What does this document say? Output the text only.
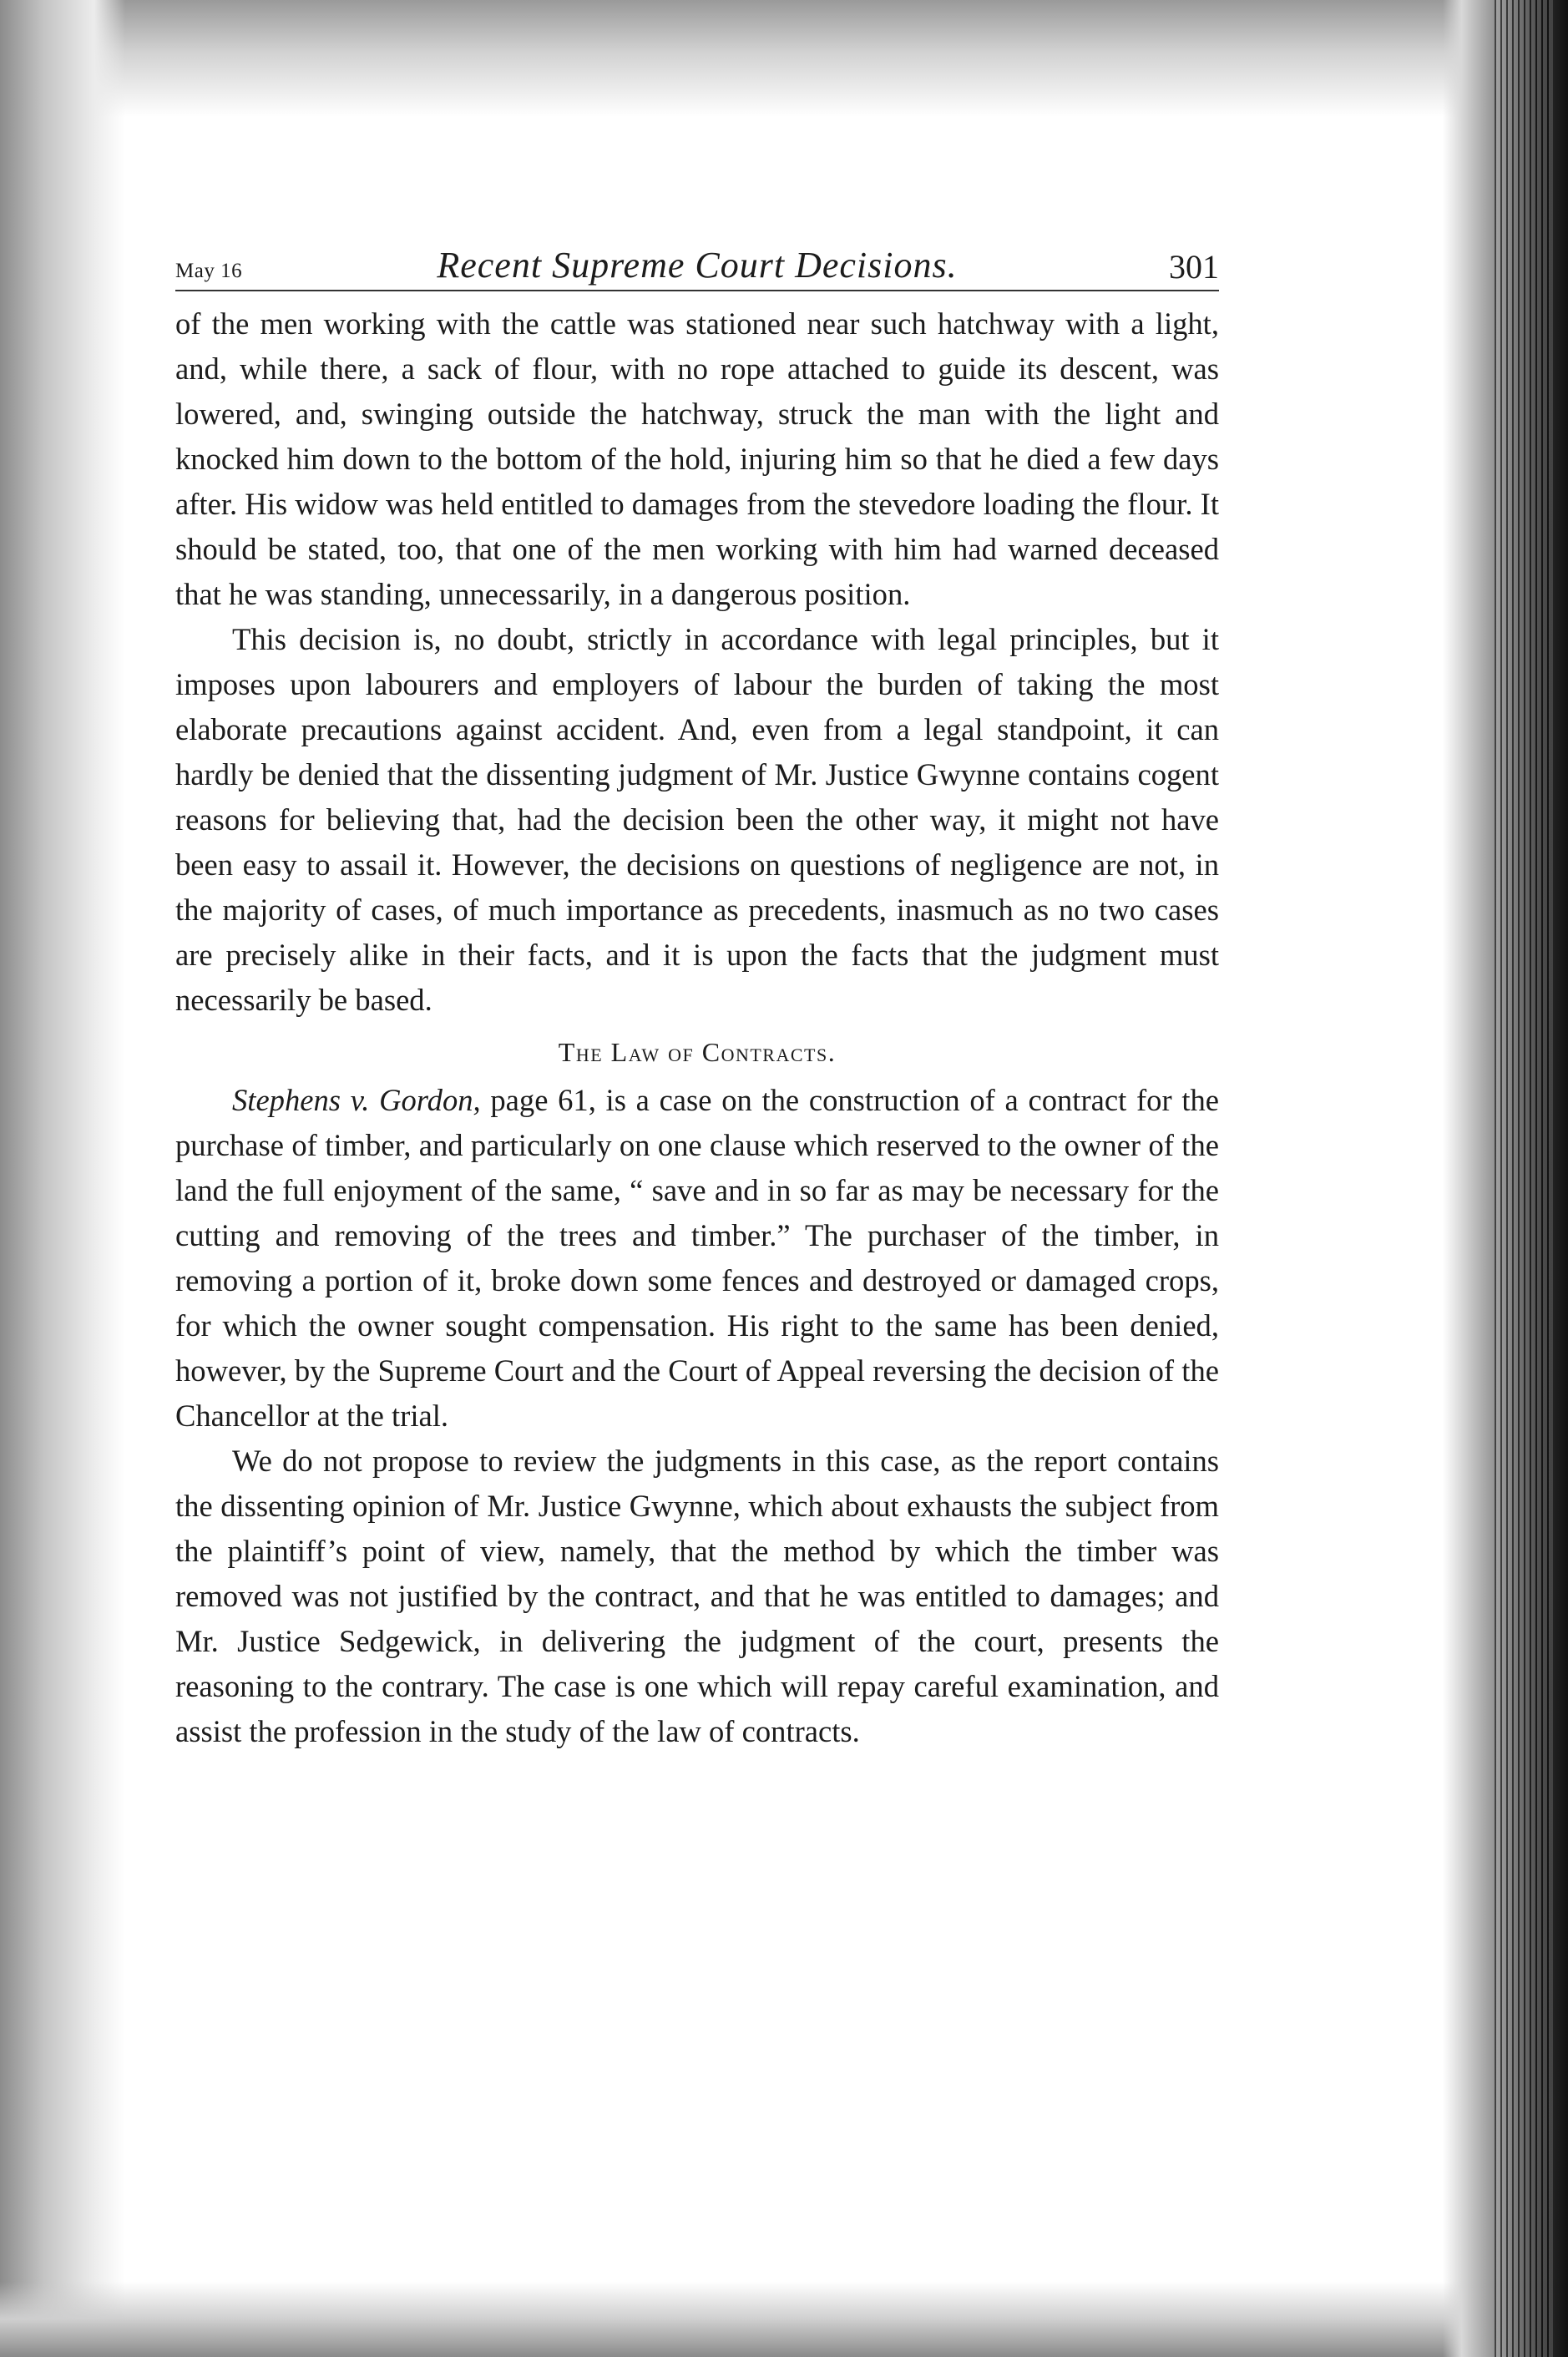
May 16	Recent Supreme Court Decisions.	301

of the men working with the cattle was stationed near such hatchway with a light, and, while there, a sack of flour, with no rope attached to guide its descent, was lowered, and, swinging outside the hatchway, struck the man with the light and knocked him down to the bottom of the hold, injuring him so that he died a few days after. His widow was held entitled to damages from the stevedore loading the flour. It should be stated, too, that one of the men working with him had warned deceased that he was standing, unnecessarily, in a dangerous position.

This decision is, no doubt, strictly in accordance with legal principles, but it imposes upon labourers and employers of labour the burden of taking the most elaborate precautions against accident. And, even from a legal standpoint, it can hardly be denied that the dissenting judgment of Mr. Justice Gwynne contains cogent reasons for believing that, had the decision been the other way, it might not have been easy to assail it. However, the decisions on questions of negligence are not, in the majority of cases, of much importance as precedents, inasmuch as no two cases are precisely alike in their facts, and it is upon the facts that the judgment must necessarily be based.

The Law of Contracts.

Stephens v. Gordon, page 61, is a case on the construction of a contract for the purchase of timber, and particularly on one clause which reserved to the owner of the land the full enjoyment of the same, “ save and in so far as may be necessary for the cutting and removing of the trees and timber.” The purchaser of the timber, in removing a portion of it, broke down some fences and destroyed or damaged crops, for which the owner sought compensation. His right to the same has been denied, however, by the Supreme Court and the Court of Appeal reversing the decision of the Chancellor at the trial.

We do not propose to review the judgments in this case, as the report contains the dissenting opinion of Mr. Justice Gwynne, which about exhausts the subject from the plaintiff’s point of view, namely, that the method by which the timber was removed was not justified by the contract, and that he was entitled to damages; and Mr. Justice Sedgewick, in delivering the judgment of the court, presents the reasoning to the contrary. The case is one which will repay careful examination, and assist the profession in the study of the law of contracts.
